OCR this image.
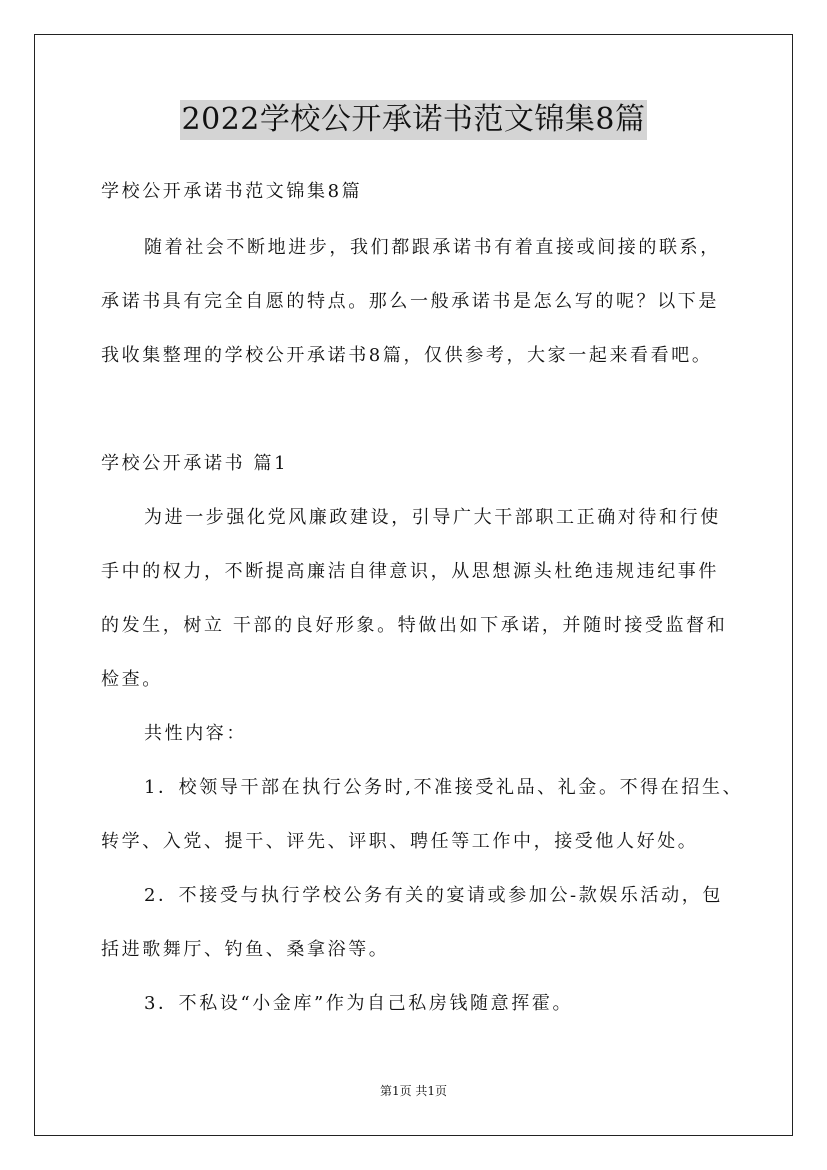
2022学校公开承诺书范文锦集8篇
学校公开承诺书范文锦集8篇
随着社会不断地进步，我们都跟承诺书有着直接或间接的联系，
承诺书具有完全自愿的特点。那么一般承诺书是怎么写的呢？以下是
我收集整理的学校公开承诺书8篇，仅供参考，大家一起来看看吧。
学校公开承诺书 篇1
为进一步强化党风廉政建设，引导广大干部职工正确对待和行使
手中的权力，不断提高廉洁自律意识，从思想源头杜绝违规违纪事件
的发生，树立 干部的良好形象。特做出如下承诺，并随时接受监督和
检查。
共性内容：
1．校领导干部在执行公务时,不准接受礼品、礼金。不得在招生、
转学、入党、提干、评先、评职、聘任等工作中，接受他人好处。
2．不接受与执行学校公务有关的宴请或参加公-款娱乐活动，包
括进歌舞厅、钓鱼、桑拿浴等。
3．不私设“小金库”作为自己私房钱随意挥霍。
第1页 共1页
